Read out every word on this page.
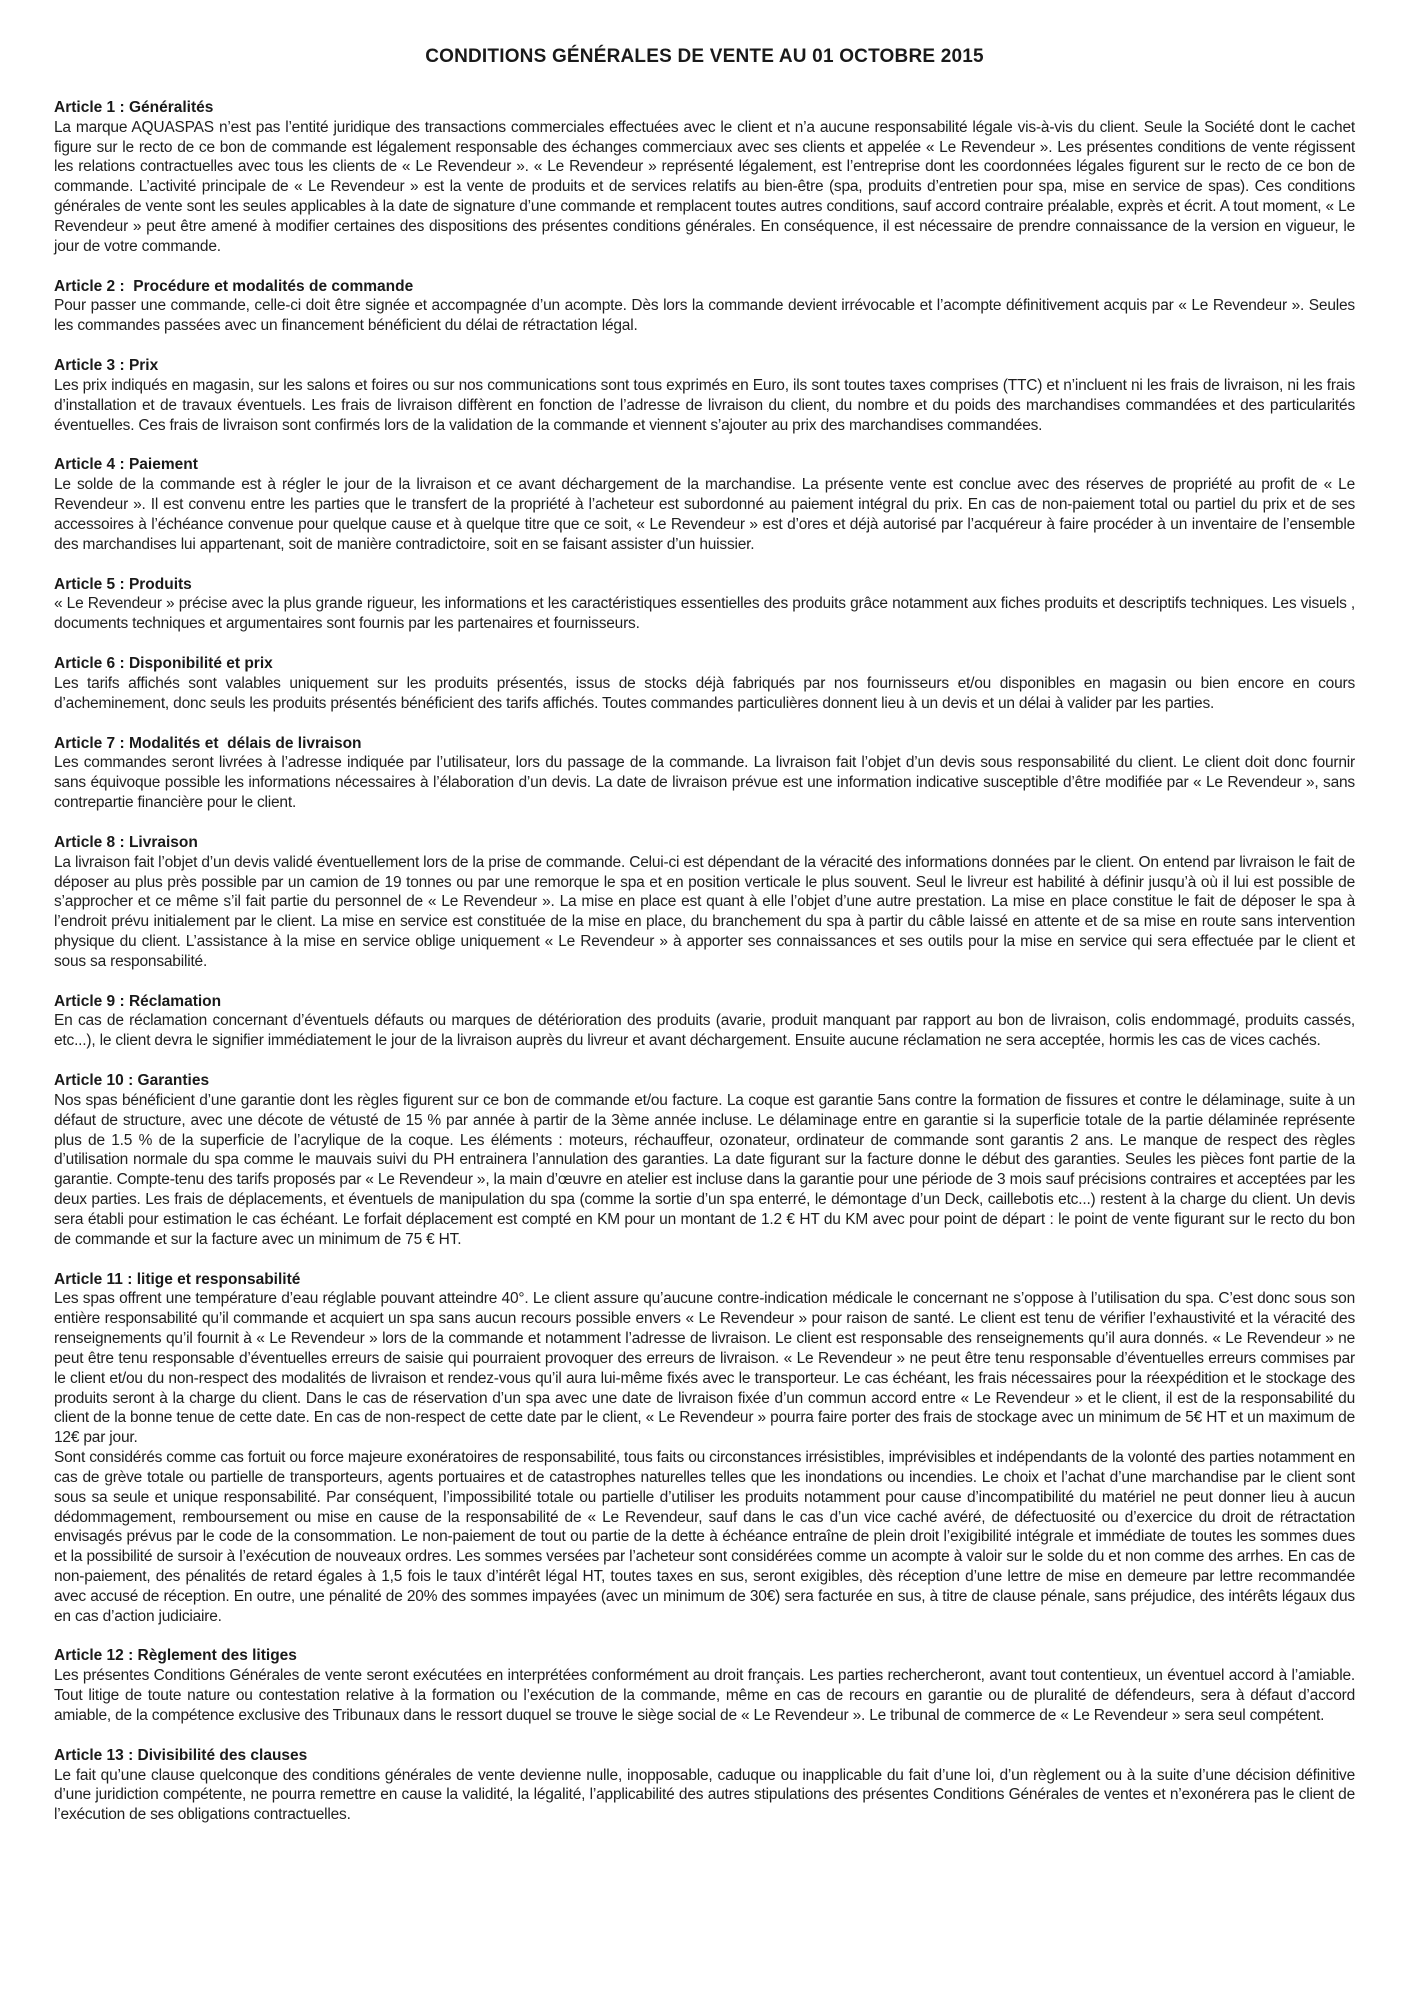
CONDITIONS GÉNÉRALES DE VENTE AU 01 OCTOBRE 2015
Article 1 : Généralités

La marque AQUASPAS n’est pas l’entité juridique des transactions commerciales effectuées avec le client et n’a aucune responsabilité légale vis-à-vis du client. Seule la Société dont le cachet figure sur le recto de ce bon de commande est légalement responsable des échanges commerciaux avec ses clients et appelée « Le Revendeur ». Les présentes conditions de vente régissent les relations contractuelles avec tous les clients de « Le Revendeur ». « Le Revendeur » représenté légalement, est l’entreprise dont les coordonnées légales figurent sur le recto de ce bon de commande. L’activité principale de « Le Revendeur » est la vente de produits et de services relatifs au bien-être (spa, produits d’entretien pour spa, mise en service de spas). Ces conditions générales de vente sont les seules applicables à la date de signature d’une commande et remplacent toutes autres conditions, sauf accord contraire préalable, exprès et écrit. A tout moment, « Le Revendeur » peut être amené à modifier certaines des dispositions des présentes conditions générales. En conséquence, il est nécessaire de prendre connaissance de la version en vigueur, le jour de votre commande.

Article 2 :  Procédure et modalités de commande

Pour passer une commande, celle-ci doit être signée et accompagnée d’un acompte. Dès lors la commande devient irrévocable et l’acompte définitivement acquis par « Le Revendeur ». Seules les commandes passées avec un financement bénéficient du délai de rétractation légal.

Article 3 : Prix

Les prix indiqués en magasin, sur les salons et foires ou sur nos communications sont tous exprimés en Euro, ils sont toutes taxes comprises (TTC) et n’incluent ni les frais de livraison, ni les frais d’installation et de travaux éventuels. Les frais de livraison diffèrent en fonction de l’adresse de livraison du client, du nombre et du poids des marchandises commandées et des particularités éventuelles. Ces frais de livraison sont confirmés lors de la validation de la commande et viennent s’ajouter au prix des marchandises commandées.

Article 4 : Paiement

Le solde de la commande est à régler le jour de la livraison et ce avant déchargement de la marchandise. La présente vente est conclue avec des réserves de propriété au profit de « Le Revendeur ». Il est convenu entre les parties que le transfert de la propriété à l’acheteur est subordonné au paiement intégral du prix. En cas de non-paiement total ou partiel du prix et de ses accessoires à l’échéance convenue pour quelque cause et à quelque titre que ce soit, « Le Revendeur » est d’ores et déjà autorisé par l’acquéreur à faire procéder à un inventaire de l’ensemble des marchandises lui appartenant, soit de manière contradictoire, soit en se faisant assister d’un huissier.

Article 5 : Produits

« Le Revendeur » précise avec la plus grande rigueur, les informations et les caractéristiques essentielles des produits grâce notamment aux fiches produits et descriptifs techniques. Les visuels , documents techniques et argumentaires sont fournis par les partenaires et fournisseurs.

Article 6 : Disponibilité et prix

Les tarifs affichés sont valables uniquement sur les produits présentés, issus de stocks déjà fabriqués par nos fournisseurs et/ou disponibles en magasin ou bien encore en cours d’acheminement, donc seuls les produits présentés bénéficient des tarifs affichés. Toutes commandes particulières donnent lieu à un devis et un délai à valider par les parties.

Article 7 : Modalités et  délais de livraison

Les commandes seront livrées à l’adresse indiquée par l’utilisateur, lors du passage de la commande. La livraison fait l’objet d’un devis sous responsabilité du client. Le client doit donc fournir sans équivoque possible les informations nécessaires à l’élaboration d’un devis. La date de livraison prévue est une information indicative susceptible d’être modifiée par « Le Revendeur », sans contrepartie financière pour le client.

Article 8 : Livraison

La livraison fait l’objet d’un devis validé éventuellement lors de la prise de commande. Celui-ci est dépendant de la véracité des informations données par le client. On entend par livraison le fait de déposer au plus près possible par un camion de 19 tonnes ou par une remorque le spa et en position verticale le plus souvent. Seul le livreur est habilité à définir jusqu’à où il lui est possible de s’approcher et ce même s’il fait partie du personnel de « Le Revendeur ». La mise en place est quant à elle l’objet d’une autre prestation. La mise en place constitue le fait de déposer le spa à l’endroit prévu initialement par le client. La mise en service est constituée de la mise en place, du branchement du spa à partir du câble laissé en attente et de sa mise en route sans intervention physique du client. L’assistance à la mise en service oblige uniquement « Le Revendeur » à apporter ses connaissances et ses outils pour la mise en service qui sera effectuée par le client et sous sa responsabilité.

Article 9 : Réclamation

En cas de réclamation concernant d’éventuels défauts ou marques de détérioration des produits (avarie, produit manquant par rapport au bon de livraison, colis endommagé, produits cassés, etc...), le client devra le signifier immédiatement le jour de la livraison auprès du livreur et avant déchargement. Ensuite aucune réclamation ne sera acceptée, hormis les cas de vices cachés.

Article 10 : Garanties

Nos spas bénéficient d’une garantie dont les règles figurent sur ce bon de commande et/ou facture. La coque est garantie 5ans contre la formation de fissures et contre le délaminage, suite à un défaut de structure, avec une décote de vétusté de 15 % par année à partir de la 3ème année incluse. Le délaminage entre en garantie si la superficie totale de la partie délaminée représente plus de 1.5 % de la superficie de l’acrylique de la coque. Les éléments : moteurs, réchauffeur, ozonateur, ordinateur de commande sont garantis 2 ans. Le manque de respect des règles d’utilisation normale du spa comme le mauvais suivi du PH entrainera l’annulation des garanties. La date figurant sur la facture donne le début des garanties. Seules les pièces font partie de la garantie. Compte-tenu des tarifs proposés par « Le Revendeur », la main d’œuvre en atelier est incluse dans la garantie pour une période de 3 mois sauf précisions contraires et acceptées par les deux parties. Les frais de déplacements, et éventuels de manipulation du spa (comme la sortie d’un spa enterré, le démontage d’un Deck, caillebotis etc...) restent à la charge du client. Un devis sera établi pour estimation le cas échéant. Le forfait déplacement est compté en KM pour un montant de 1.2 € HT du KM avec pour point de départ : le point de vente figurant sur le recto du bon de commande et sur la facture avec un minimum de 75 € HT.

Article 11 : litige et responsabilité

Les spas offrent une température d’eau réglable pouvant atteindre 40°. Le client assure qu’aucune contre-indication médicale le concernant ne s’oppose à l’utilisation du spa. C’est donc sous son entière responsabilité qu’il commande et acquiert un spa sans aucun recours possible envers « Le Revendeur » pour raison de santé. Le client est tenu de vérifier l’exhaustivité et la véracité des renseignements qu’il fournit à « Le Revendeur » lors de la commande et notamment l’adresse de livraison. Le client est responsable des renseignements qu’il aura donnés. « Le Revendeur » ne peut être tenu responsable d’éventuelles erreurs de saisie qui pourraient provoquer des erreurs de livraison. « Le Revendeur » ne peut être tenu responsable d’éventuelles erreurs commises par le client et/ou du non-respect des modalités de livraison et rendez-vous qu’il aura lui-même fixés avec le transporteur. Le cas échéant, les frais nécessaires pour la réexpédition et le stockage des produits seront à la charge du client. Dans le cas de réservation d’un spa avec une date de livraison fixée d’un commun accord entre « Le Revendeur » et le client, il est de la responsabilité du client de la bonne tenue de cette date. En cas de non-respect de cette date par le client, « Le Revendeur » pourra faire porter des frais de stockage avec un minimum de 5€ HT et un maximum de 12€ par jour.

Sont considérés comme cas fortuit ou force majeure exonératoires de responsabilité, tous faits ou circonstances irrésistibles, imprévisibles et indépendants de la volonté des parties notamment en cas de grève totale ou partielle de transporteurs, agents portuaires et de catastrophes naturelles telles que les inondations ou incendies. Le choix et l’achat d’une marchandise par le client sont sous sa seule et unique responsabilité. Par conséquent, l’impossibilité totale ou partielle d’utiliser les produits notamment pour cause d’incompatibilité du matériel ne peut donner lieu à aucun dédommagement, remboursement ou mise en cause de la responsabilité de « Le Revendeur, sauf dans le cas d’un vice caché avéré, de défectuosité ou d’exercice du droit de rétractation envisagés prévus par le code de la consommation. Le non-paiement de tout ou partie de la dette à échéance entraîne de plein droit l’exigibilité intégrale et immédiate de toutes les sommes dues et la possibilité de sursoir à l’exécution de nouveaux ordres. Les sommes versées par l’acheteur sont considérées comme un acompte à valoir sur le solde du et non comme des arrhes. En cas de non-paiement, des pénalités de retard égales à 1,5 fois le taux d’intérêt légal HT, toutes taxes en sus, seront exigibles, dès réception d’une lettre de mise en demeure par lettre recommandée avec accusé de réception. En outre, une pénalité de 20% des sommes impayées (avec un minimum de 30€) sera facturée en sus, à titre de clause pénale, sans préjudice, des intérêts légaux dus en cas d’action judiciaire.

Article 12 : Règlement des litiges

Les présentes Conditions Générales de vente seront exécutées en interprétées conformément au droit français. Les parties rechercheront, avant tout contentieux, un éventuel accord à l’amiable. Tout litige de toute nature ou contestation relative à la formation ou l’exécution de la commande, même en cas de recours en garantie ou de pluralité de défendeurs, sera à défaut d’accord amiable, de la compétence exclusive des Tribunaux dans le ressort duquel se trouve le siège social de « Le Revendeur ». Le tribunal de commerce de « Le Revendeur » sera seul compétent.

Article 13 : Divisibilité des clauses

Le fait qu’une clause quelconque des conditions générales de vente devienne nulle, inopposable, caduque ou inapplicable du fait d’une loi, d’un règlement ou à la suite d’une décision définitive d’une juridiction compétente, ne pourra remettre en cause la validité, la légalité, l’applicabilité des autres stipulations des présentes Conditions Générales de ventes et n’exonérera pas le client de l’exécution de ses obligations contractuelles.
